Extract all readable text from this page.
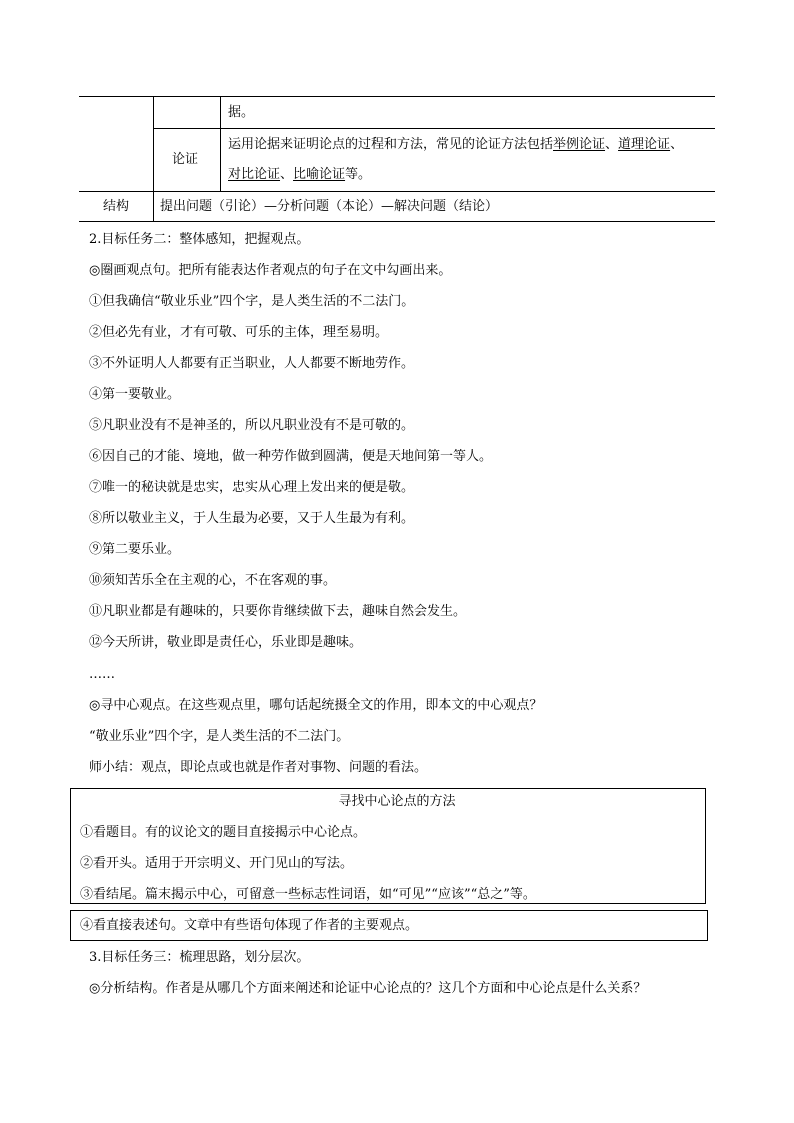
据。
论证
运用论据来证明论点的过程和方法，常见的论证方法包括举例论证、道理论证、
对比论证、比喻论证等。
结构 提出问题（引论）—分析问题（本论）—解决问题（结论）
2.目标任务二：整体感知，把握观点。
◎圈画观点句。把所有能表达作者观点的句子在文中勾画出来。
①但我确信“敬业乐业”四个字，是人类生活的不二法门。
②但必先有业，才有可敬、可乐的主体，理至易明。
③不外证明人人都要有正当职业，人人都要不断地劳作。
④第一要敬业。
⑤凡职业没有不是神圣的，所以凡职业没有不是可敬的。
⑥因自己的才能、境地，做一种劳作做到圆满，便是天地间第一等人。
⑦唯一的秘诀就是忠实，忠实从心理上发出来的便是敬。
⑧所以敬业主义，于人生最为必要，又于人生最为有利。
⑨第二要乐业。
⑩须知苦乐全在主观的心，不在客观的事。
⑪凡职业都是有趣味的，只要你肯继续做下去，趣味自然会发生。
⑫今天所讲，敬业即是责任心，乐业即是趣味。
……
◎寻中心观点。在这些观点里，哪句话起统摄全文的作用，即本文的中心观点？
“敬业乐业”四个字，是人类生活的不二法门。
师小结：观点，即论点或也就是作者对事物、问题的看法。
寻找中心论点的方法
①看题目。有的议论文的题目直接揭示中心论点。
②看开头。适用于开宗明义、开门见山的写法。
③看结尾。篇末揭示中心，可留意一些标志性词语，如“可见”“应该”“总之”等。
④看直接表述句。文章中有些语句体现了作者的主要观点。
3.目标任务三：梳理思路，划分层次。
◎分析结构。作者是从哪几个方面来阐述和论证中心论点的？这几个方面和中心论点是什么关系？
